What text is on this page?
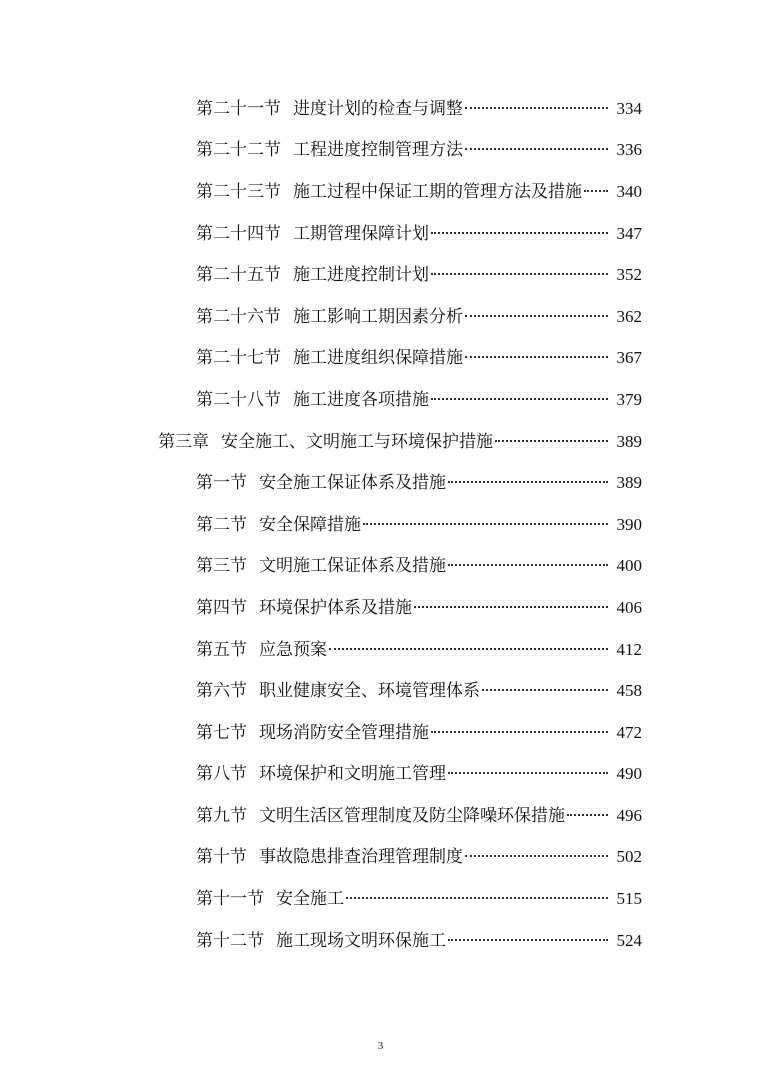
第二十一节 进度计划的检查与调整	334
第二十二节 工程进度控制管理方法	336
第二十三节 施工过程中保证工期的管理方法及措施 340
第二十四节 工期管理保障计划	347
第二十五节 施工进度控制计划	352
第二十六节 施工影响工期因素分析	362
第二十七节 施工进度组织保障措施	367
第二十八节 施工进度各项措施	379
第三章 安全施工、文明施工与环境保护措施	389
第一节 安全施工保证体系及措施	389
第二节 安全保障措施	390
第三节 文明施工保证体系及措施	400
第四节 环境保护体系及措施	406
第五节 应急预案	412
第六节 职业健康安全、环境管理体系	458
第七节 现场消防安全管理措施	472
第八节 环境保护和文明施工管理	490
第九节 文明生活区管理制度及防尘降噪环保措施	496
第十节 事故隐患排查治理管理制度	502
第十一节 安全施工	515
第十二节 施工现场文明环保施工	524
3
